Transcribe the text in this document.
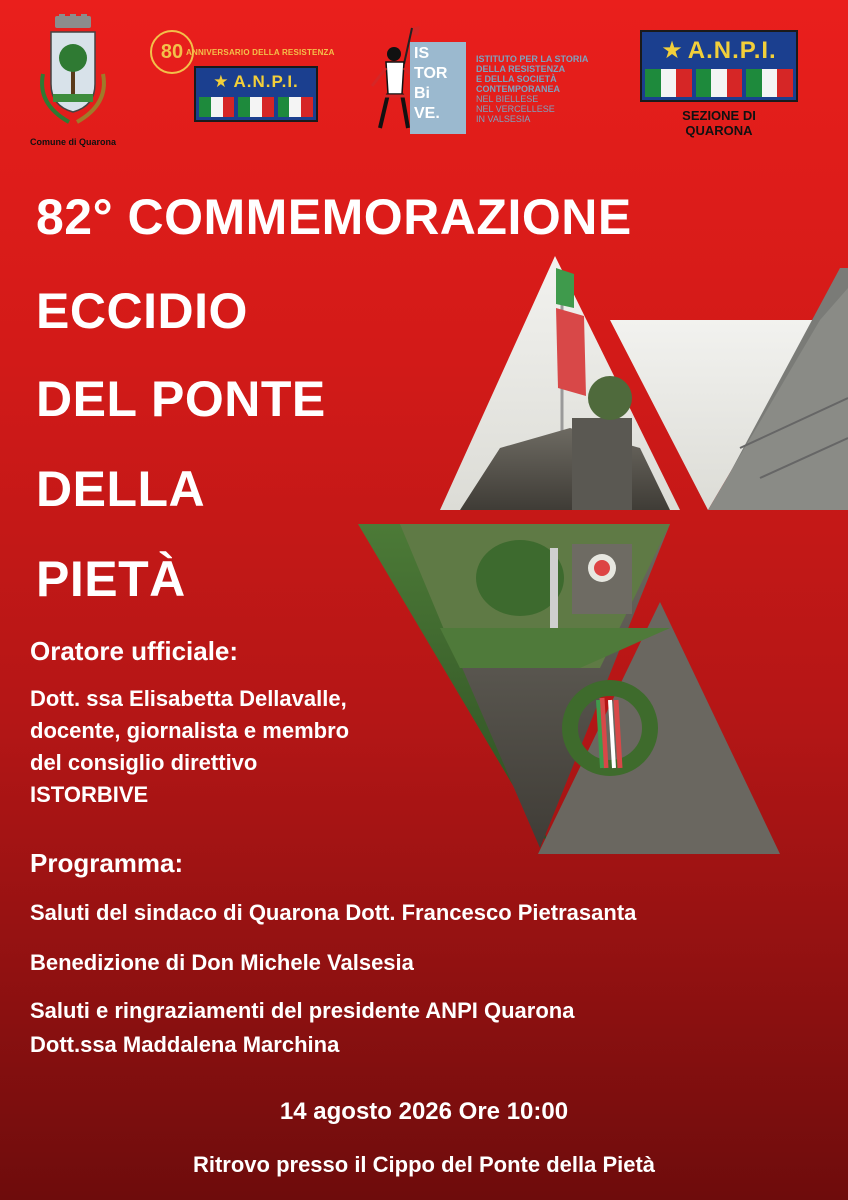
Comune di Quarona
80 ANNIVERSARIO DELLA RESISTENZA
★ A.N.P.I.
IS
TOR
Bi
VE.
ISTITUTO PER LA STORIA
DELLA RESISTENZA
E DELLA SOCIETÀ
CONTEMPORANEA
NEL BIELLESE
NEL VERCELLESE
IN VALSESIA
★ A.N.P.I.
SEZIONE DI
QUARONA
82° COMMEMORAZIONE
ECCIDIO
DEL PONTE
DELLA
PIETÀ
Oratore ufficiale:
Dott. ssa Elisabetta Dellavalle,
docente, giornalista e membro
del consiglio direttivo
ISTORBIVE
Programma:
Saluti del sindaco di Quarona Dott. Francesco Pietrasanta
Benedizione di Don Michele Valsesia
Saluti e ringraziamenti del presidente ANPI Quarona
Dott.ssa Maddalena Marchina
14 agosto 2026 Ore 10:00
Ritrovo presso il Cippo del Ponte della Pietà
